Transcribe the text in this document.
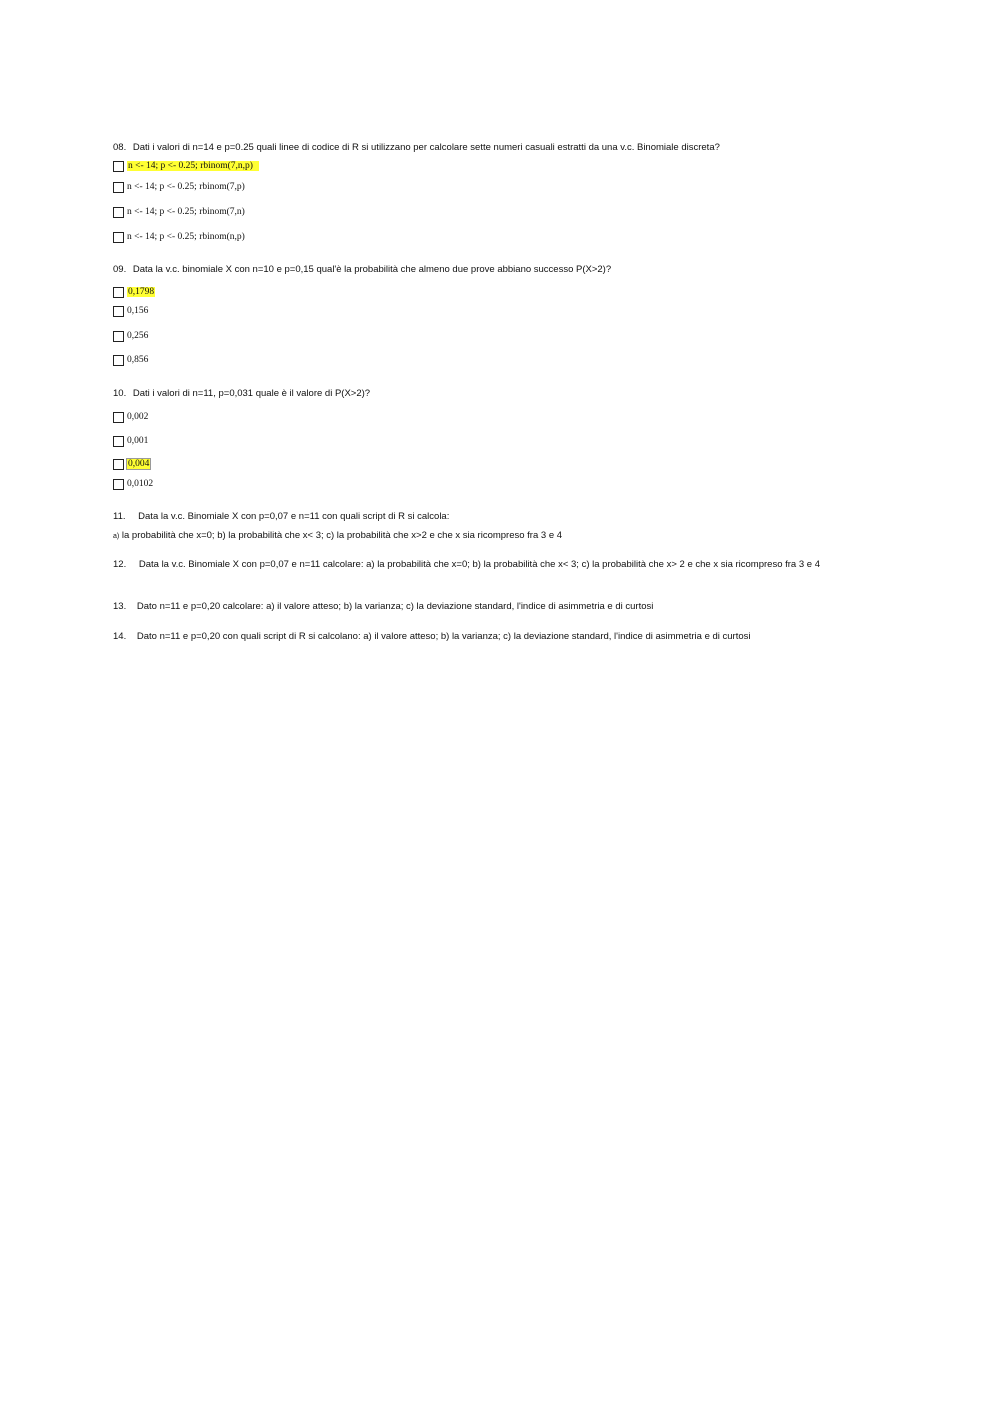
08. Dati i valori di n=14 e p=0.25 quali linee di codice di R si utilizzano per calcolare sette numeri casuali estratti da una v.c. Binomiale discreta?
n <- 14; p <- 0.25; rbinom(7,n,p)
n <- 14; p <- 0.25; rbinom(7,p)
n <- 14; p <- 0.25; rbinom(7,n)
n <- 14; p <- 0.25; rbinom(n,p)
09. Data la v.c. binomiale X con n=10 e p=0,15 qual'è la probabilità che almeno due prove abbiano successo P(X>2)?
0,1798
0,156
0,256
0,856
10. Dati i valori di n=11, p=0,031 quale è il valore di P(X>2)?
0,002
0,001
0,004
0,0102
11. Data la v.c. Binomiale X con p=0,07 e n=11 con quali script di R si calcola:
a) la probabilità che x=0; b) la probabilità che x< 3; c) la probabilità che x>2 e che x sia ricompreso fra 3 e 4
12. Data la v.c. Binomiale X con p=0,07 e n=11 calcolare: a) la probabilità che x=0; b) la probabilità che x< 3; c) la probabilità che x> 2 e che x sia ricompreso fra 3 e 4
13. Dato n=11 e p=0,20 calcolare: a) il valore atteso; b) la varianza; c) la deviazione standard, l'indice di asimmetria e di curtosi
14. Dato n=11 e p=0,20 con quali script di R si calcolano: a) il valore atteso; b) la varianza; c) la deviazione standard, l'indice di asimmetria e di curtosi
